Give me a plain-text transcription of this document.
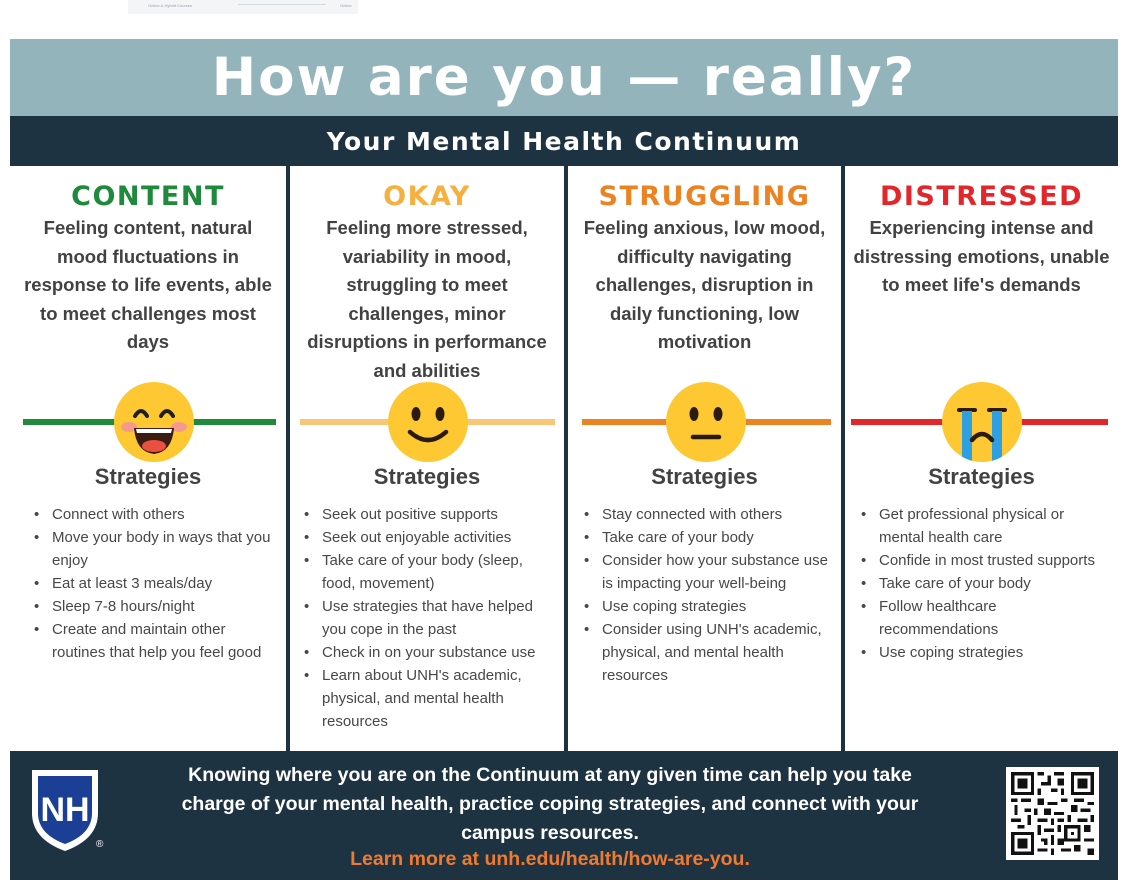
Online & Hybrid Courses	Online
How are you — really?
Your Mental Health Continuum
CONTENT
Feeling content, natural mood fluctuations in response to life events, able to meet challenges most days
Strategies
• Connect with others
• Move your body in ways that you enjoy
• Eat at least 3 meals/day
• Sleep 7-8 hours/night
• Create and maintain other routines that help you feel good
OKAY
Feeling more stressed, variability in mood, struggling to meet challenges, minor disruptions in performance and abilities
Strategies
• Seek out positive supports
• Seek out enjoyable activities
• Take care of your body (sleep, food, movement)
• Use strategies that have helped you cope in the past
• Check in on your substance use
• Learn about UNH's academic, physical, and mental health resources
STRUGGLING
Feeling anxious, low mood, difficulty navigating challenges, disruption in daily functioning, low motivation
Strategies
• Stay connected with others
• Take care of your body
• Consider how your substance use is impacting your well-being
• Use coping strategies
• Consider using UNH's academic, physical, and mental health resources
DISTRESSED
Experiencing intense and distressing emotions, unable to meet life's demands
Strategies
• Get professional physical or mental health care
• Confide in most trusted supports
• Take care of your body
• Follow healthcare recommendations
• Use coping strategies
NH
®
Knowing where you are on the Continuum at any given time can help you take charge of your mental health, practice coping strategies, and connect with your campus resources.
Learn more at unh.edu/health/how-are-you.
